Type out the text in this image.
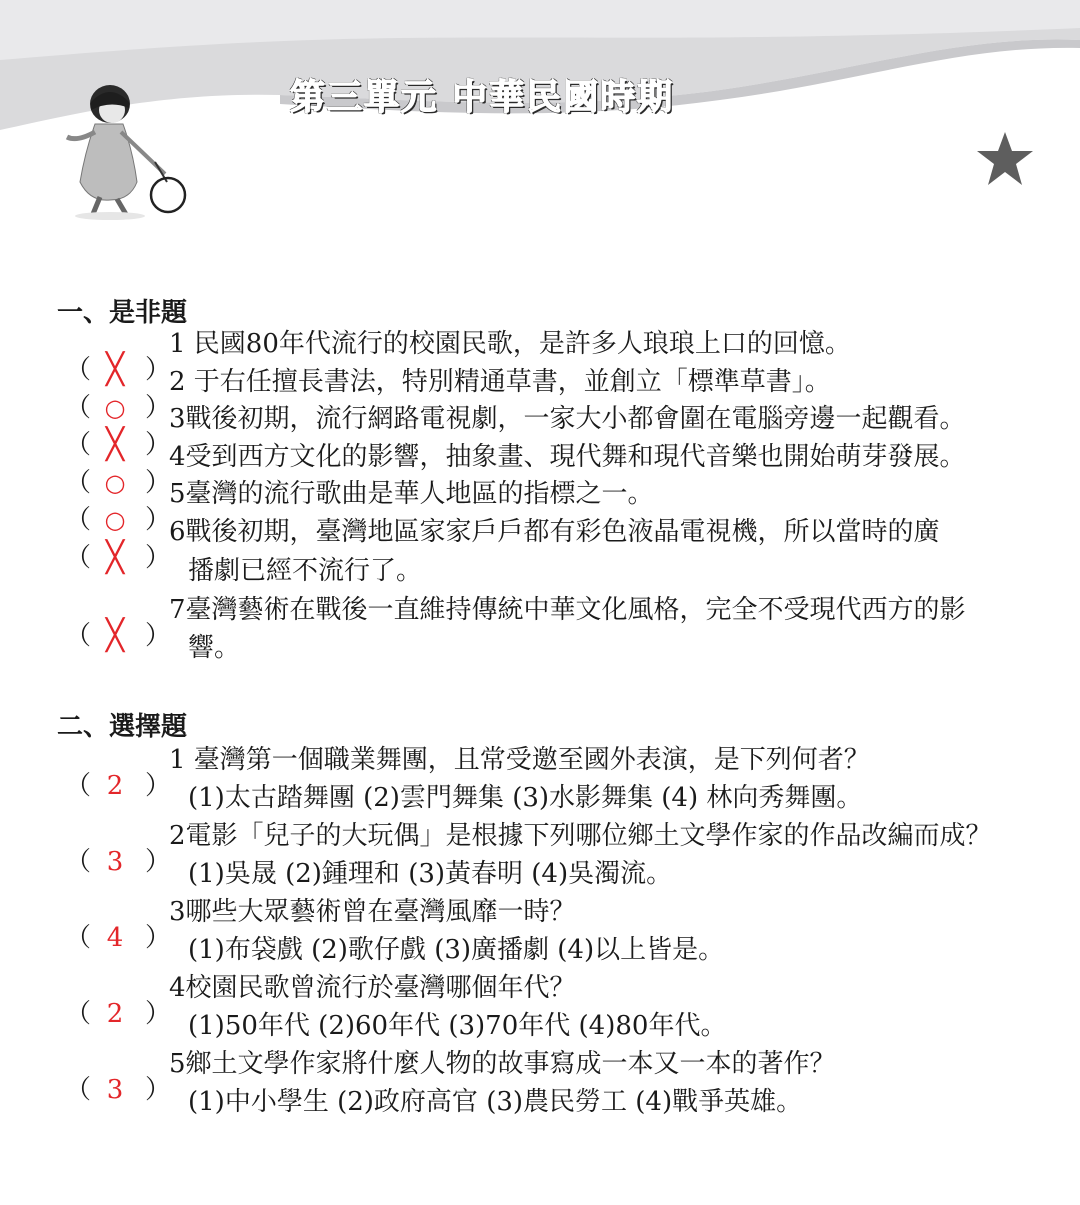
第三單元 中華民國時期
一、是非題
（ ╳ ）
1 民國80年代流行的校園民歌，是許多人琅琅上口的回憶。
（ ○ ）
2 于右任擅長書法，特別精通草書，並創立「標準草書」。
（ ╳ ）
3戰後初期，流行網路電視劇，一家大小都會圍在電腦旁邊一起觀看。
（ ○ ）
4受到西方文化的影響，抽象畫、現代舞和現代音樂也開始萌芽發展。
（ ○ ）
5臺灣的流行歌曲是華人地區的指標之一。
（ ╳ ）
6戰後初期，臺灣地區家家戶戶都有彩色液晶電視機，所以當時的廣
播劇已經不流行了。
（ ╳ ）
7臺灣藝術在戰後一直維持傳統中華文化風格，完全不受現代西方的影
響。
二、選擇題
（ 2 ）
1 臺灣第一個職業舞團，且常受邀至國外表演，是下列何者？
(1)太古踏舞團 (2)雲門舞集 (3)水影舞集 (4) 林向秀舞團。
（ 3 ）
2電影「兒子的大玩偶」是根據下列哪位鄉土文學作家的作品改編而成？
(1)吳晟 (2)鍾理和 (3)黃春明 (4)吳濁流。
（ 4 ）
3哪些大眾藝術曾在臺灣風靡一時？
(1)布袋戲 (2)歌仔戲 (3)廣播劇 (4)以上皆是。
（ 2 ）
4校園民歌曾流行於臺灣哪個年代？
(1)50年代 (2)60年代 (3)70年代 (4)80年代。
（ 3 ）
5鄉土文學作家將什麼人物的故事寫成一本又一本的著作？
(1)中小學生 (2)政府高官 (3)農民勞工 (4)戰爭英雄。
